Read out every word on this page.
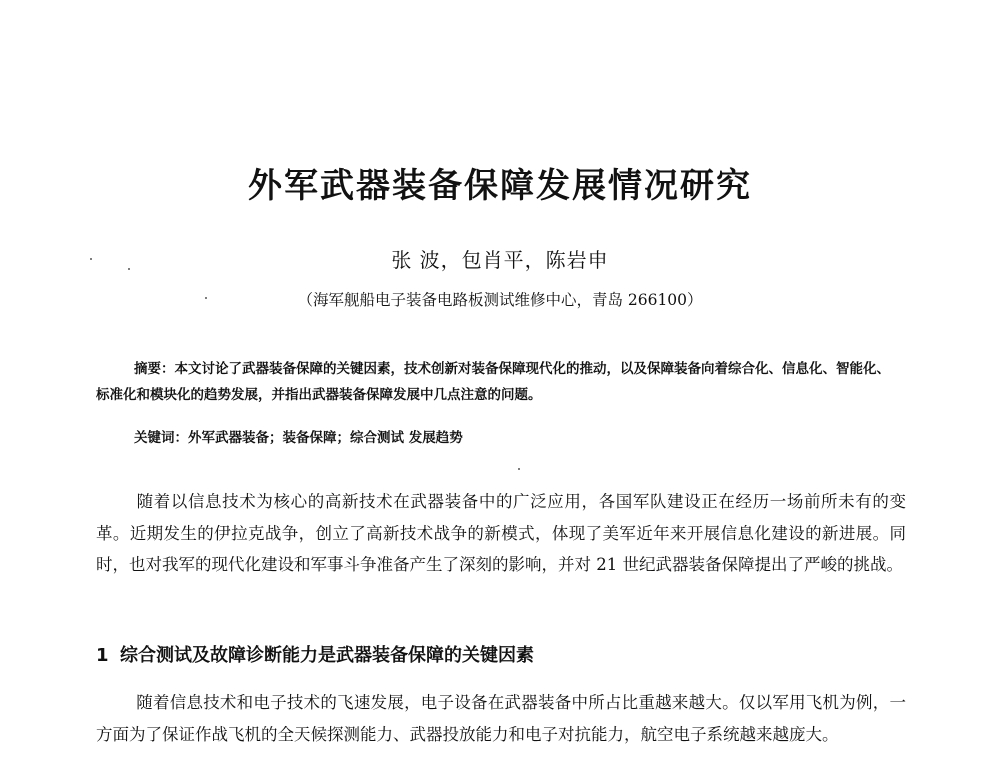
外军武器装备保障发展情况研究
张 波，包肖平，陈岩申
（海军舰船电子装备电路板测试维修中心，青岛 266100）
摘要：本文讨论了武器装备保障的关键因素，技术创新对装备保障现代化的推动，以及保障装备向着综合化、信息化、智能化、标准化和模块化的趋势发展，并指出武器装备保障发展中几点注意的问题。
关键词：外军武器装备；装备保障；综合测试 发展趋势
随着以信息技术为核心的高新技术在武器装备中的广泛应用，各国军队建设正在经历一场前所未有的变革。近期发生的伊拉克战争，创立了高新技术战争的新模式，体现了美军近年来开展信息化建设的新进展。同时，也对我军的现代化建设和军事斗争准备产生了深刻的影响，并对 21 世纪武器装备保障提出了严峻的挑战。
1 综合测试及故障诊断能力是武器装备保障的关键因素
随着信息技术和电子技术的飞速发展，电子设备在武器装备中所占比重越来越大。仅以军用飞机为例，一方面为了保证作战飞机的全天候探测能力、武器投放能力和电子对抗能力，航空电子系统越来越庞大。
